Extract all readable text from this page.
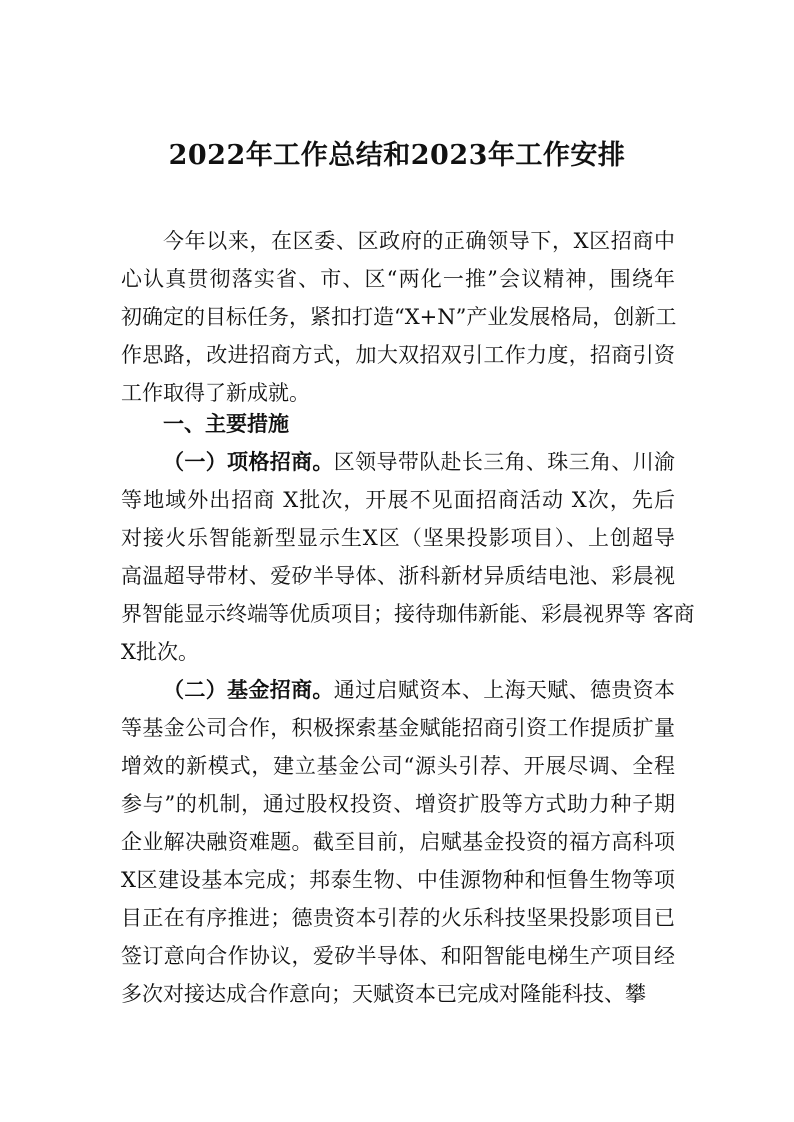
2022年工作总结和2023年工作安排
今年以来，在区委、区政府的正确领导下，X区招商中
心认真贯彻落实省、市、区“两化一推”会议精神，围绕年
初确定的目标任务，紧扣打造“X+N”产业发展格局，创新工
作思路，改进招商方式，加大双招双引工作力度，招商引资
工作取得了新成就。
一、主要措施
（一）项格招商。区领导带队赴长三角、珠三角、川渝
等地域外出招商 X批次，开展不见面招商活动 X次，先后
对接火乐智能新型显示生X区（坚果投影项目）、上创超导
高温超导带材、爱矽半导体、浙科新材异质结电池、彩晨视
界智能显示终端等优质项目；接待珈伟新能、彩晨视界等 客商
X批次。
（二）基金招商。通过启赋资本、上海天赋、德贵资本
等基金公司合作，积极探索基金赋能招商引资工作提质扩量
增效的新模式，建立基金公司“源头引荐、开展尽调、全程
参与”的机制，通过股权投资、增资扩股等方式助力种子期
企业解决融资难题。截至目前，启赋基金投资的福方高科项
X区建设基本完成；邦泰生物、中佳源物种和恒鲁生物等项
目正在有序推进；德贵资本引荐的火乐科技坚果投影项目已
签订意向合作协议，爱矽半导体、和阳智能电梯生产项目经
多次对接达成合作意向；天赋资本已完成对隆能科技、攀
